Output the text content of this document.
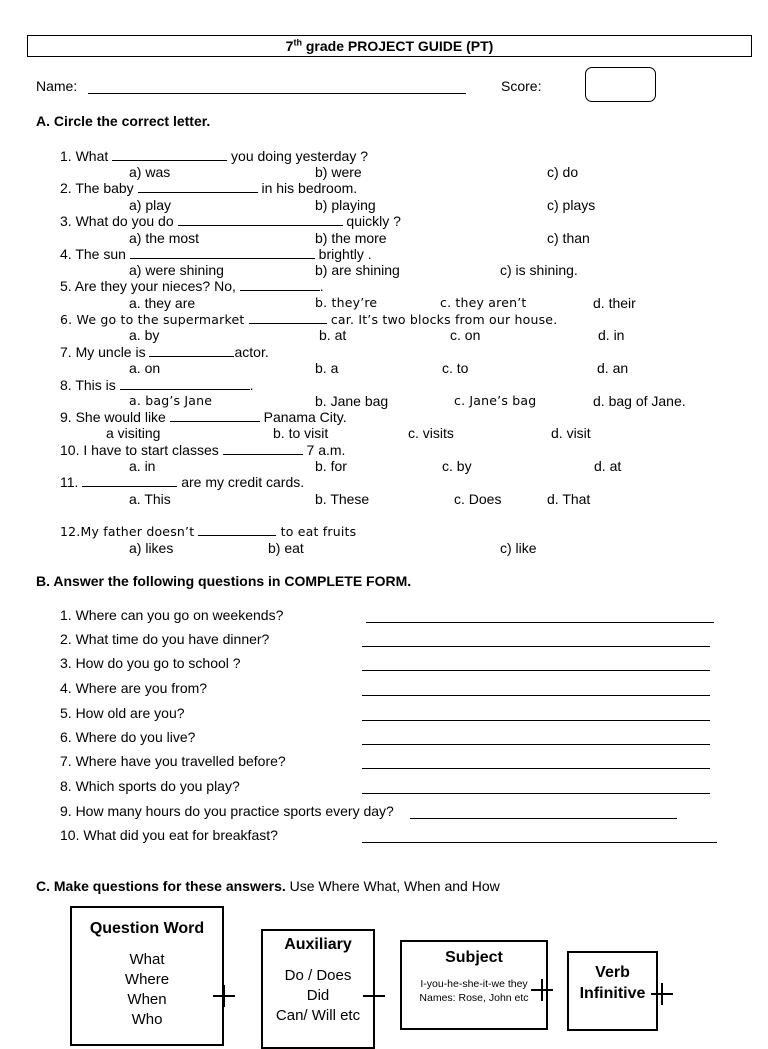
7th grade PROJECT GUIDE (PT)
Name:	Score:
A. Circle the correct letter.
1. What	you doing yesterday ?
a) was	b) were	c) do
2. The baby	in his bedroom.
a) play	b) playing	c) plays
3. What do you do	quickly ?
a) the most	b) the more	c) than
4. The sun	brightly .
a) were shining	b) are shining	c) is shining.
5. Are they your nieces? No,	.
a. they are	b. they’re	c. they aren’t	d. their
6. We go to the supermarket	car. It’s two blocks from our house.
a. by	b. at	c. on	d. in
7. My uncle is	actor.
a. on	b. a	c. to	d. an
8. This is	.
a. bag’s Jane	b. Jane bag	c. Jane’s bag	d. bag of Jane.
9. She would like	Panama City.
a visiting	b. to visit	c. visits	d. visit
10. I have to start classes	7 a.m.
a. in	b. for	c. by	d. at
11.	are my credit cards.
a. This	b. These	c. Does	d. That
12.My father doesn’t	to eat fruits
a) likes	b) eat	c) like
B. Answer the following questions in COMPLETE FORM.
1. Where can you go on weekends?
2. What time do you have dinner?
3. How do you go to school ?
4. Where are you from?
5. How old are you?
6. Where do you live?
7. Where have you travelled before?
8. Which sports do you play?
9. How many hours do you practice sports every day?
10. What did you eat for breakfast?
C. Make questions for these answers. Use Where What, When and How
Question Word
What
Where
When
Who
Auxiliary
Do / Does
Did
Can/ Will etc
Subject
I-you-he-she-it-we they
Names: Rose, John etc
Verb
Infinitive
